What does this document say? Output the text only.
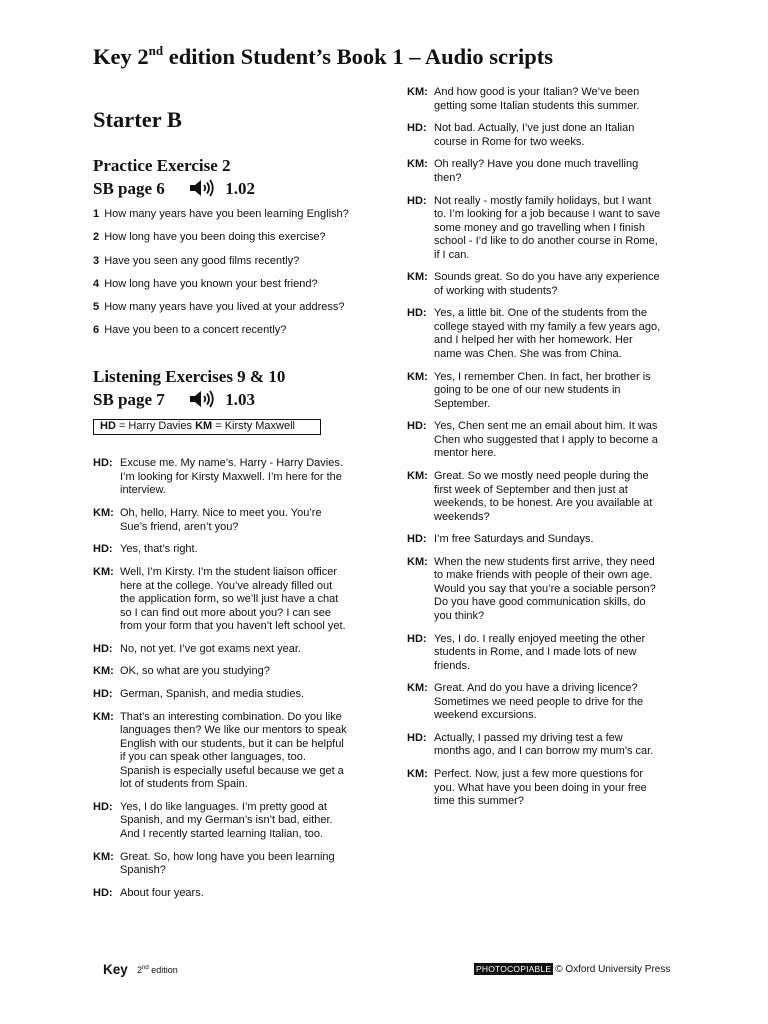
Key 2nd edition Student’s Book 1 – Audio scripts
Starter B
Practice Exercise 2
SB page 6	1.02
1 How many years have you been learning English?
2 How long have you been doing this exercise?
3 Have you seen any good films recently?
4 How long have you known your best friend?
5 How many years have you lived at your address?
6 Have you been to a concert recently?
Listening Exercises 9 & 10
SB page 7	1.03
HD = Harry Davies KM = Kirsty Maxwell
HD: Excuse me. My name’s. Harry - Harry Davies.
I’m looking for Kirsty Maxwell. I’m here for the
interview.
KM: Oh, hello, Harry. Nice to meet you. You’re
Sue’s friend, aren’t you?
HD: Yes, that’s right.
KM: Well, I’m Kirsty. I’m the student liaison officer
here at the college. You’ve already filled out
the application form, so we’ll just have a chat
so I can find out more about you? I can see
from your form that you haven’t left school yet.
HD: No, not yet. I’ve got exams next year.
KM: OK, so what are you studying?
HD: German, Spanish, and media studies.
KM: That’s an interesting combination. Do you like
languages then? We like our mentors to speak
English with our students, but it can be helpful
if you can speak other languages, too.
Spanish is especially useful because we get a
lot of students from Spain.
HD: Yes, I do like languages. I’m pretty good at
Spanish, and my German’s isn’t bad, either.
And I recently started learning Italian, too.
KM: Great. So, how long have you been learning
Spanish?
HD: About four years.
KM: And how good is your Italian? We’ve been
getting some Italian students this summer.
HD: Not bad. Actually, I’ve just done an Italian
course in Rome for two weeks.
KM: Oh really? Have you done much travelling
then?
HD: Not really - mostly family holidays, but I want
to. I’m looking for a job because I want to save
some money and go travelling when I finish
school - I’d like to do another course in Rome,
if I can.
KM: Sounds great. So do you have any experience
of working with students?
HD: Yes, a little bit. One of the students from the
college stayed with my family a few years ago,
and I helped her with her homework. Her
name was Chen. She was from China.
KM: Yes, I remember Chen. In fact, her brother is
going to be one of our new students in
September.
HD: Yes, Chen sent me an email about him. It was
Chen who suggested that I apply to become a
mentor here.
KM: Great. So we mostly need people during the
first week of September and then just at
weekends, to be honest. Are you available at
weekends?
HD: I’m free Saturdays and Sundays.
KM: When the new students first arrive, they need
to make friends with people of their own age.
Would you say that you’re a sociable person?
Do you have good communication skills, do
you think?
HD: Yes, I do. I really enjoyed meeting the other
students in Rome, and I made lots of new
friends.
KM: Great. And do you have a driving licence?
Sometimes we need people to drive for the
weekend excursions.
HD: Actually, I passed my driving test a few
months ago, and I can borrow my mum’s car.
KM: Perfect. Now, just a few more questions for
you. What have you been doing in your free
time this summer?
Key 2nd edition	PHOTOCOPIABLE © Oxford University Press
